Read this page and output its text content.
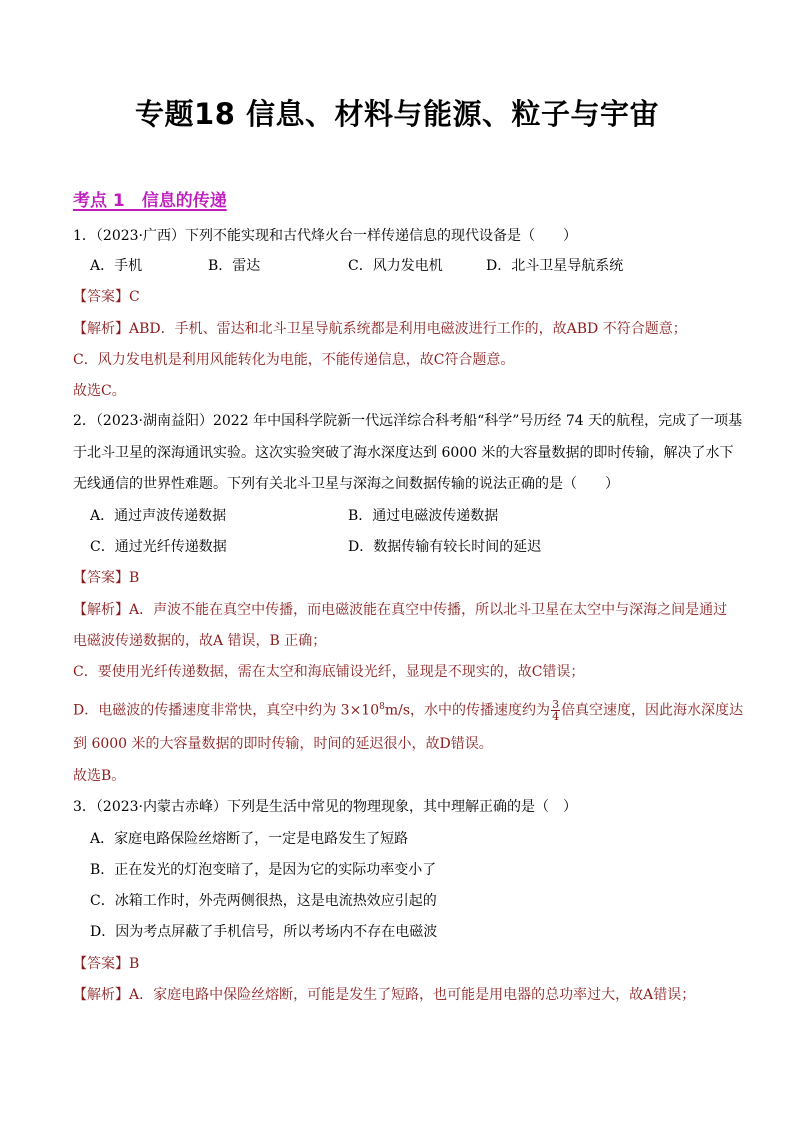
专题18 信息、材料与能源、粒子与宇宙
考点 1　信息的传递
1．（2023·广西）下列不能实现和古代烽火台一样传递信息的现代设备是（　　）
A．手机	B．雷达	C．风力发电机	D．北斗卫星导航系统
【答案】C
【解析】ABD．手机、雷达和北斗卫星导航系统都是利用电磁波进行工作的，故ABD 不符合题意；
C．风力发电机是利用风能转化为电能，不能传递信息，故C符合题意。
故选C。
2．（2023·湖南益阳）2022 年中国科学院新一代远洋综合科考船“科学”号历经 74 天的航程，完成了一项基
于北斗卫星的深海通讯实验。这次实验突破了海水深度达到 6000 米的大容量数据的即时传输，解决了水下
无线通信的世界性难题。下列有关北斗卫星与深海之间数据传输的说法正确的是（　　）
A．通过声波传递数据	B．通过电磁波传递数据
C．通过光纤传递数据	D．数据传输有较长时间的延迟
【答案】B
【解析】A．声波不能在真空中传播，而电磁波能在真空中传播，所以北斗卫星在太空中与深海之间是通过
电磁波传递数据的，故A 错误，B 正确；
C．要使用光纤传递数据，需在太空和海底铺设光纤，显现是不现实的，故C错误；
D．电磁波的传播速度非常快，真空中约为 $3\times 10^8m/s$，水中的传播速度约为 $\frac{3}{4}$ 倍真空速度，因此海水深度达
到 6000 米的大容量数据的即时传输，时间的延迟很小，故D错误。
故选B。
3．（2023·内蒙古赤峰）下列是生活中常见的物理现象，其中理解正确的是（　）
A．家庭电路保险丝熔断了，一定是电路发生了短路
B．正在发光的灯泡变暗了，是因为它的实际功率变小了
C．冰箱工作时，外壳两侧很热，这是电流热效应引起的
D．因为考点屏蔽了手机信号，所以考场内不存在电磁波
【答案】B
【解析】A．家庭电路中保险丝熔断，可能是发生了短路，也可能是用电器的总功率过大，故A错误；
